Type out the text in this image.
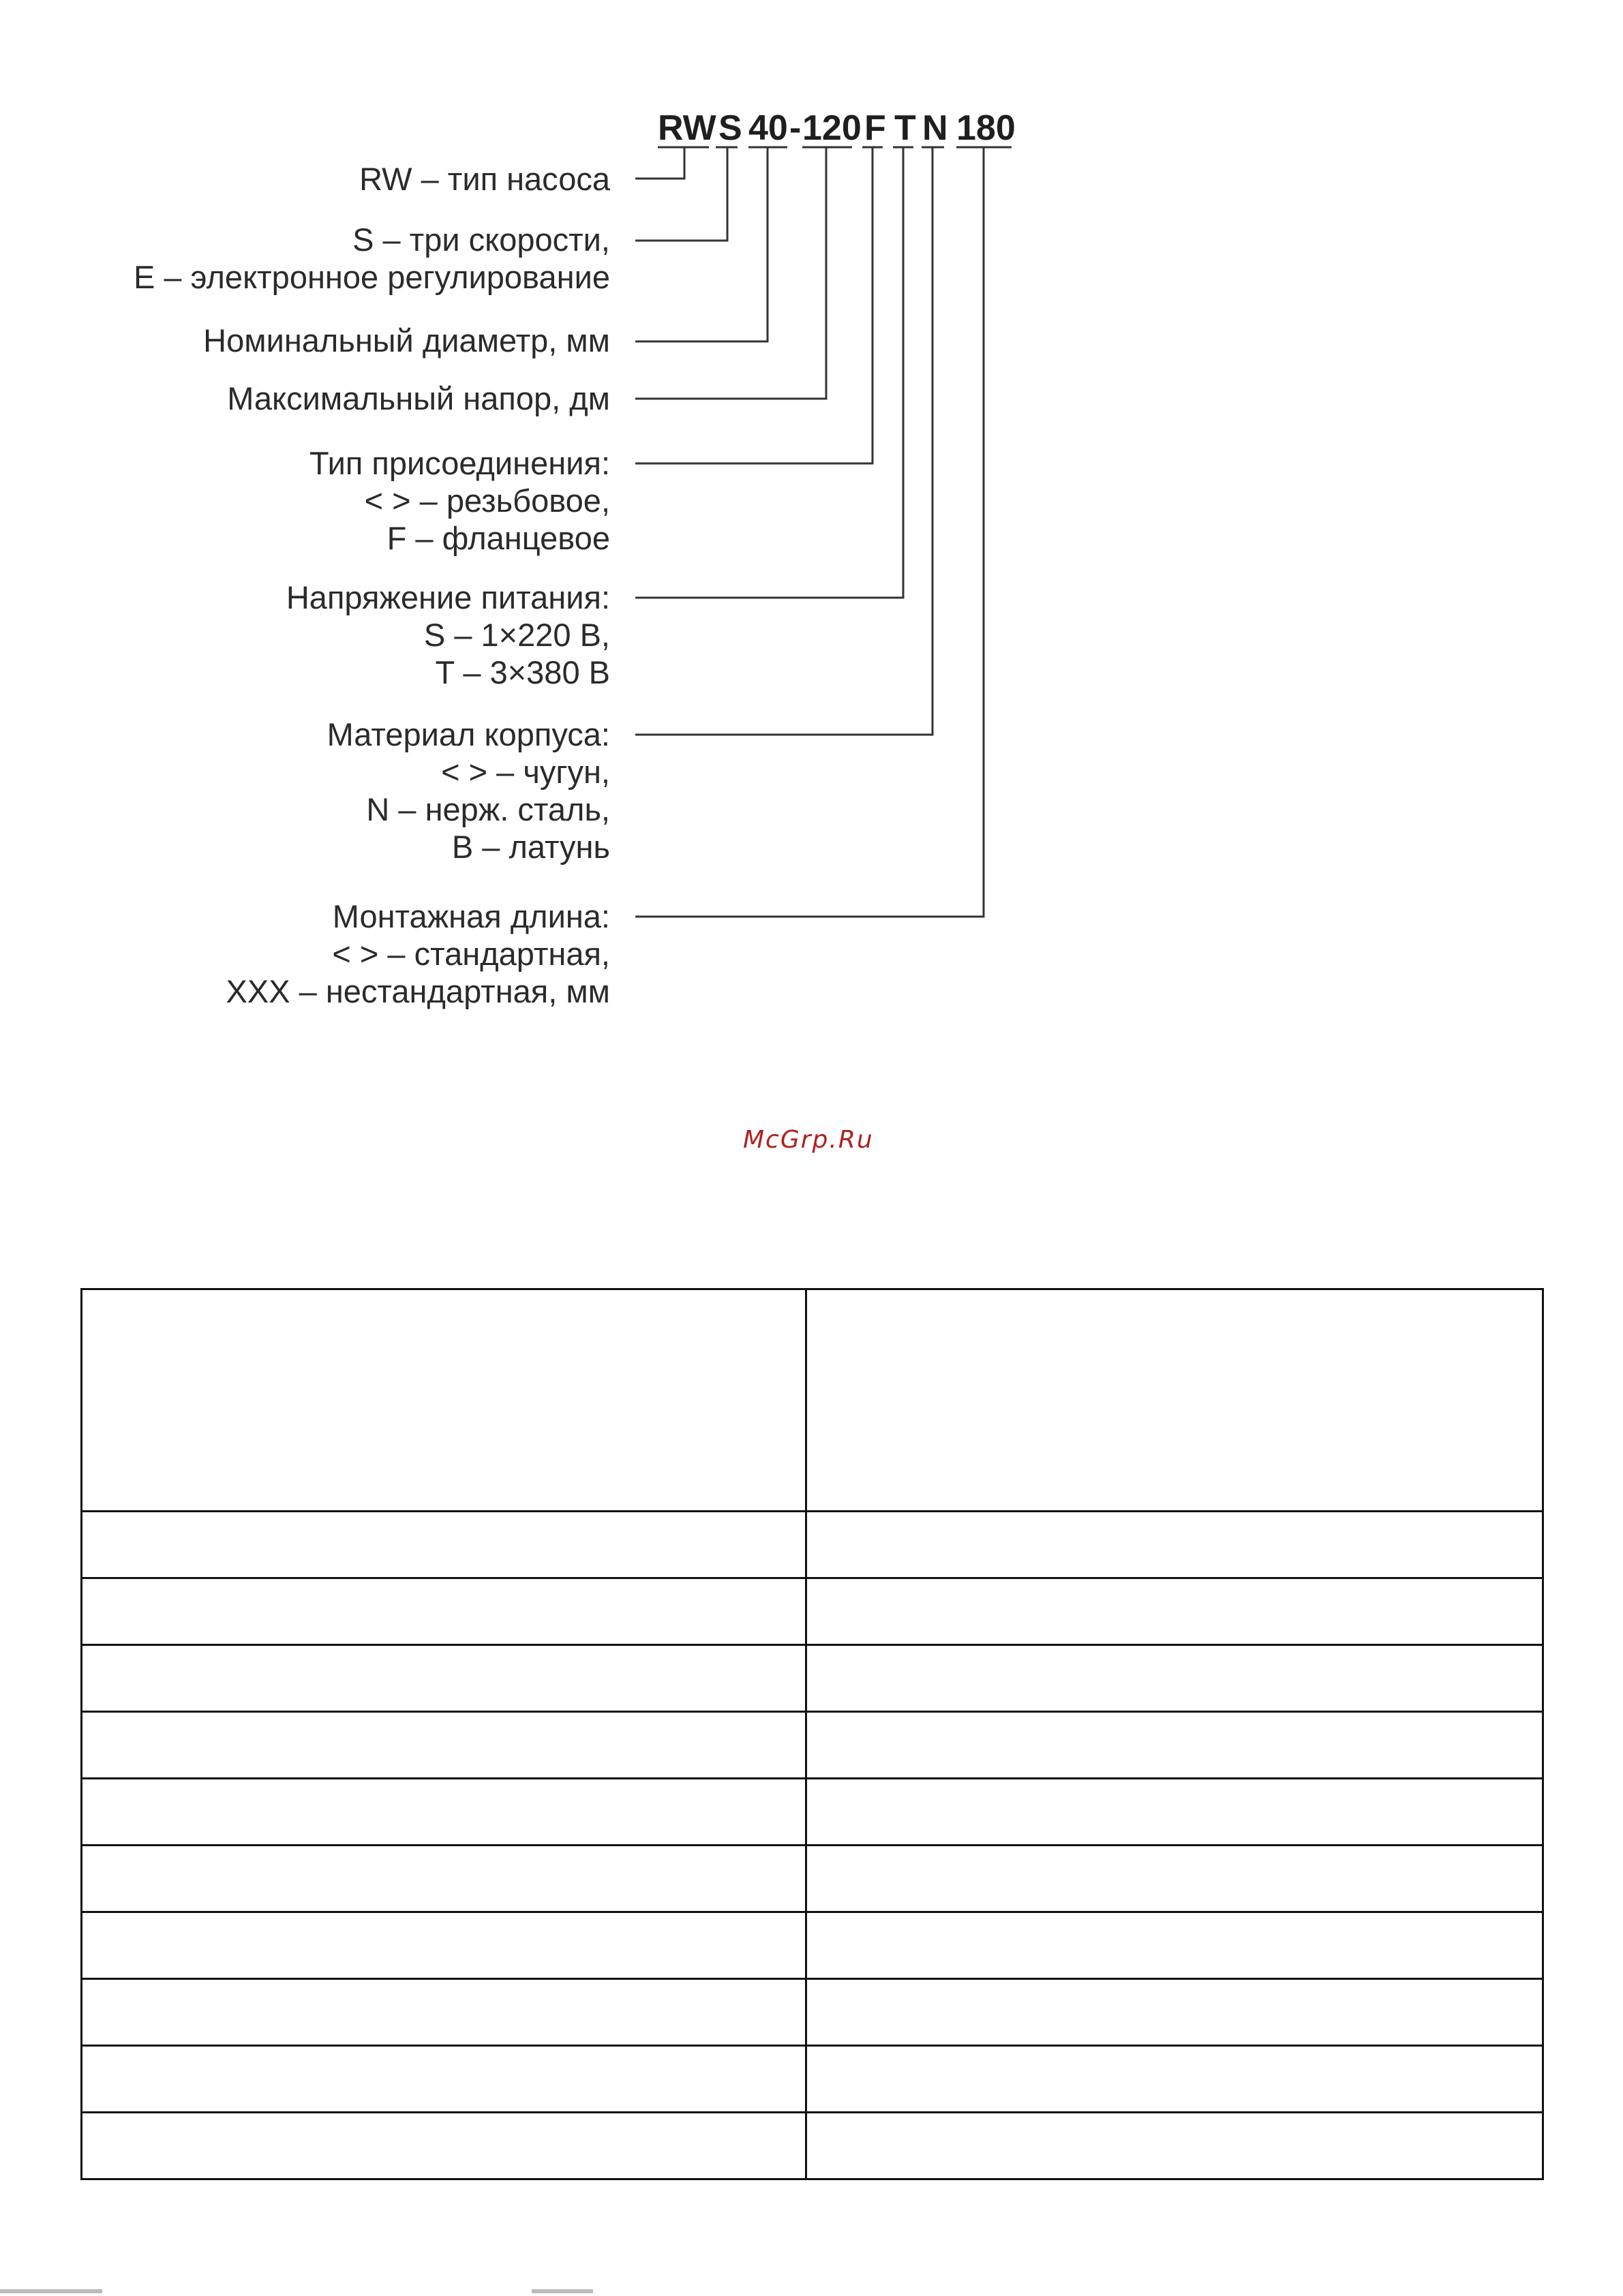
RW S 40 - 120 F T N 180
RW – тип насоса
S – три скорости,
E – электронное регулирование
Номинальный диаметр, мм
Максимальный напор, дм
Тип присоединения:
< > – резьбовое,
F – фланцевое
Напряжение питания:
S – 1×220 В,
T – 3×380 В
Материал корпуса:
< > – чугун,
N – нерж. сталь,
B – латунь
Монтажная длина:
< > – стандартная,
XXX – нестандартная, мм
McGrp.Ru
